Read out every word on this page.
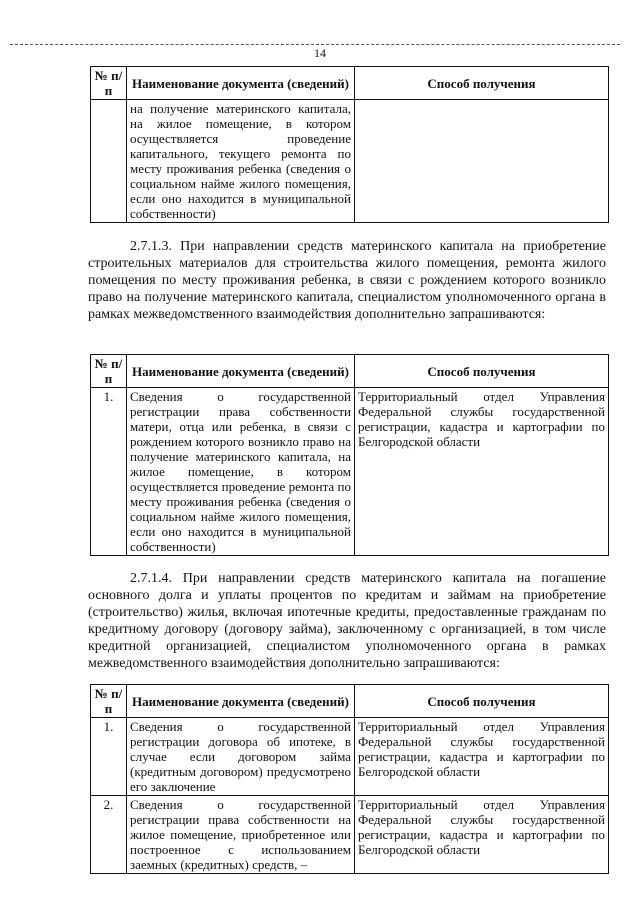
14
№ п/п	Наименование документа (сведений)	Способ получения
	на получение материнского капитала, на жилое помещение, в котором осуществляется проведение капитального, текущего ремонта по месту проживания ребенка (сведения о социальном найме жилого помещения, если оно находится в муниципальной собственности)	
2.7.1.3. При направлении средств материнского капитала на приобретение строительных материалов для строительства жилого помещения, ремонта жилого помещения по месту проживания ребенка, в связи с рождением которого возникло право на получение материнского капитала, специалистом уполномоченного органа в рамках межведомственного взаимодействия дополнительно запрашиваются:
№ п/п	Наименование документа (сведений)	Способ получения
1.	Сведения о государственной регистрации права собственности матери, отца или ребенка, в связи с рождением которого возникло право на получение материнского капитала, на жилое помещение, в котором осуществляется проведение ремонта по месту проживания ребенка (сведения о социальном найме жилого помещения, если оно находится в муниципальной собственности)	Территориальный отдел Управления Федеральной службы государственной регистрации, кадастра и картографии по Белгородской области
2.7.1.4. При направлении средств материнского капитала на погашение основного долга и уплаты процентов по кредитам и займам на приобретение (строительство) жилья, включая ипотечные кредиты, предоставленные гражданам по кредитному договору (договору займа), заключенному с организацией, в том числе кредитной организацией, специалистом уполномоченного органа в рамках межведомственного взаимодействия дополнительно запрашиваются:
№ п/п	Наименование документа (сведений)	Способ получения
1.	Сведения о государственной регистрации договора об ипотеке, в случае если договором займа (кредитным договором) предусмотрено его заключение	Территориальный отдел Управления Федеральной службы государственной регистрации, кадастра и картографии по Белгородской области
2.	Сведения о государственной регистрации права собственности на жилое помещение, приобретенное или построенное с использованием заемных (кредитных) средств, –	Территориальный отдел Управления Федеральной службы государственной регистрации, кадастра и картографии по Белгородской области
